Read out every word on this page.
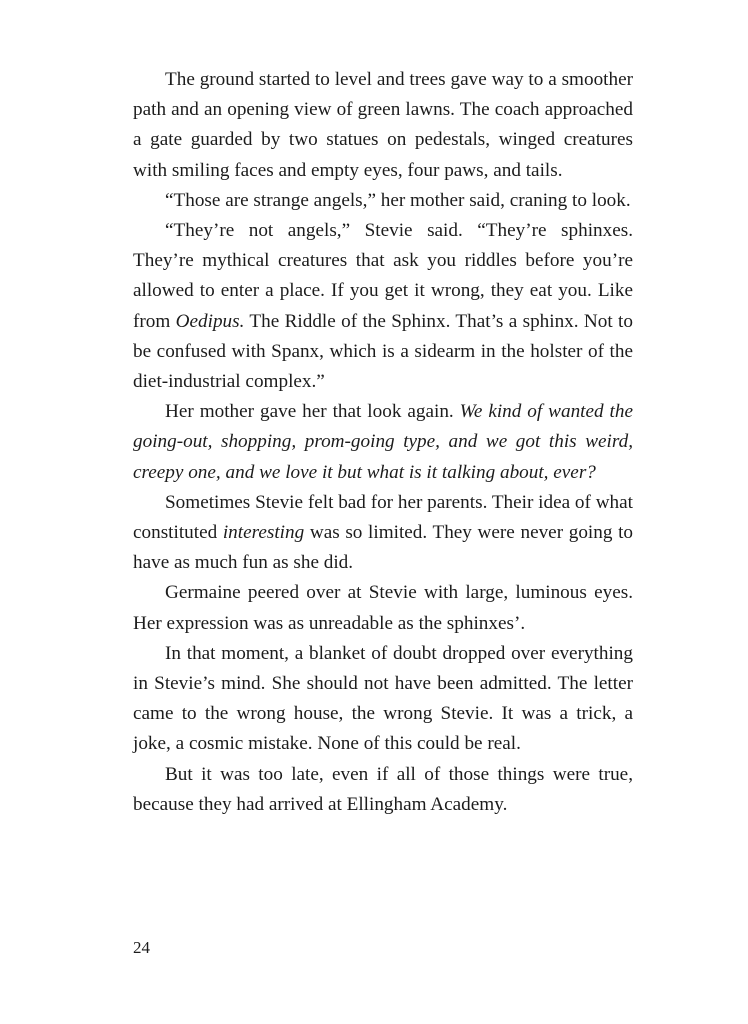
The ground started to level and trees gave way to a smoother path and an opening view of green lawns. The coach approached a gate guarded by two statues on pedestals, winged creatures with smiling faces and empty eyes, four paws, and tails.

“Those are strange angels,” her mother said, craning to look.

“They’re not angels,” Stevie said. “They’re sphinxes. They’re mythical creatures that ask you riddles before you’re allowed to enter a place. If you get it wrong, they eat you. Like from Oedipus. The Riddle of the Sphinx. That’s a sphinx. Not to be confused with Spanx, which is a sidearm in the holster of the diet-industrial complex.”

Her mother gave her that look again. We kind of wanted the going-out, shopping, prom-going type, and we got this weird, creepy one, and we love it but what is it talking about, ever?

Sometimes Stevie felt bad for her parents. Their idea of what constituted interesting was so limited. They were never going to have as much fun as she did.

Germaine peered over at Stevie with large, luminous eyes. Her expression was as unreadable as the sphinxes’.

In that moment, a blanket of doubt dropped over everything in Stevie’s mind. She should not have been admitted. The letter came to the wrong house, the wrong Stevie. It was a trick, a joke, a cosmic mistake. None of this could be real.

But it was too late, even if all of those things were true, because they had arrived at Ellingham Academy.

24
